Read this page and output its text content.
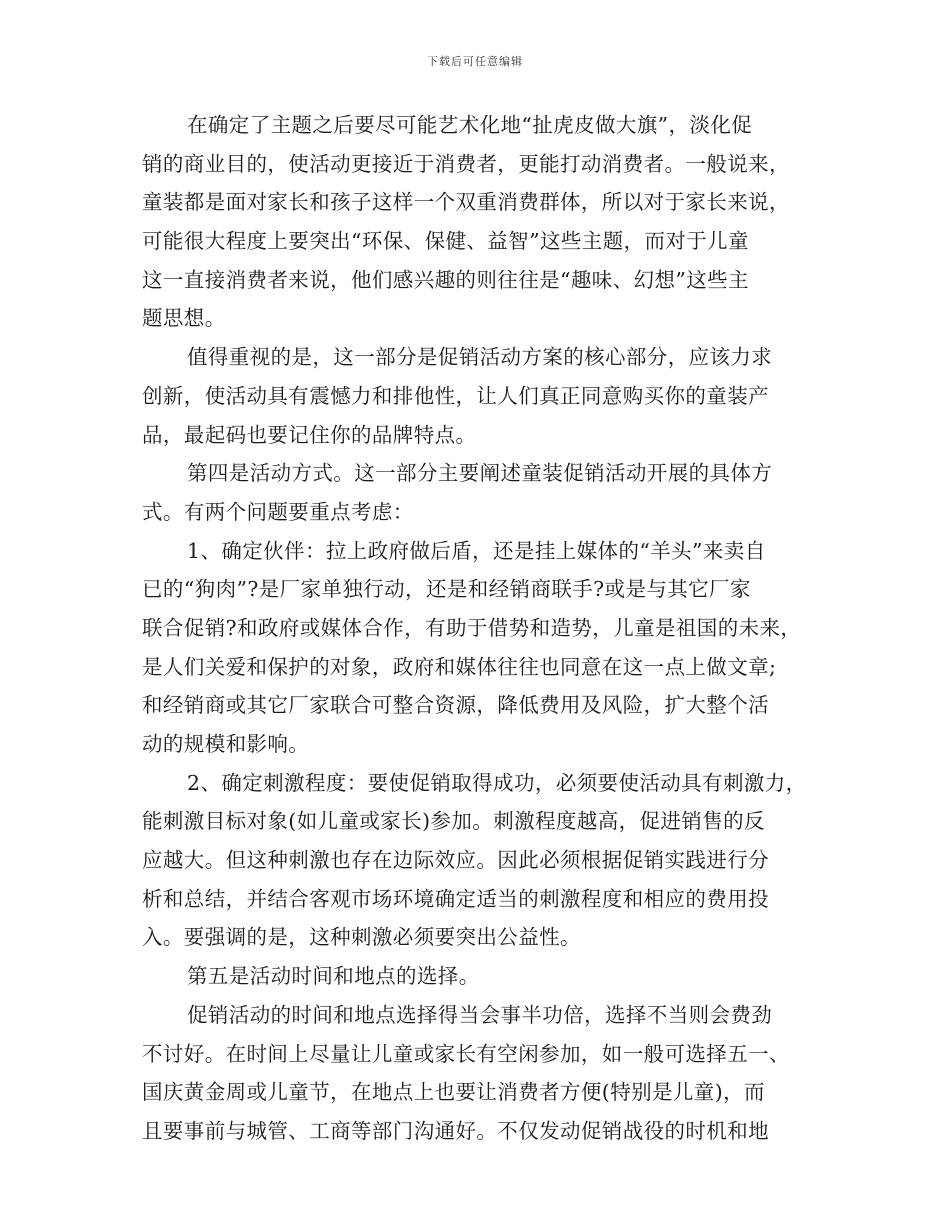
下载后可任意编辑
在确定了主题之后要尽可能艺术化地“扯虎皮做大旗”，淡化促
销的商业目的，使活动更接近于消费者，更能打动消费者。一般说来，
童装都是面对家长和孩子这样一个双重消费群体，所以对于家长来说，
可能很大程度上要突出“环保、保健、益智”这些主题，而对于儿童
这一直接消费者来说，他们感兴趣的则往往是“趣味、幻想”这些主
题思想。
值得重视的是，这一部分是促销活动方案的核心部分，应该力求
创新，使活动具有震憾力和排他性，让人们真正同意购买你的童装产
品，最起码也要记住你的品牌特点。
第四是活动方式。这一部分主要阐述童装促销活动开展的具体方
式。有两个问题要重点考虑：
1、确定伙伴：拉上政府做后盾，还是挂上媒体的“羊头”来卖自
已的“狗肉”?是厂家单独行动，还是和经销商联手?或是与其它厂家
联合促销?和政府或媒体合作，有助于借势和造势，儿童是祖国的未来，
是人们关爱和保护的对象，政府和媒体往往也同意在这一点上做文章;
和经销商或其它厂家联合可整合资源，降低费用及风险，扩大整个活
动的规模和影响。
2、确定刺激程度：要使促销取得成功，必须要使活动具有刺激力，
能刺激目标对象(如儿童或家长)参加。刺激程度越高，促进销售的反
应越大。但这种刺激也存在边际效应。因此必须根据促销实践进行分
析和总结，并结合客观市场环境确定适当的刺激程度和相应的费用投
入。要强调的是，这种刺激必须要突出公益性。
第五是活动时间和地点的选择。
促销活动的时间和地点选择得当会事半功倍，选择不当则会费劲
不讨好。在时间上尽量让儿童或家长有空闲参加，如一般可选择五一、
国庆黄金周或儿童节，在地点上也要让消费者方便(特别是儿童)，而
且要事前与城管、工商等部门沟通好。不仅发动促销战役的时机和地
